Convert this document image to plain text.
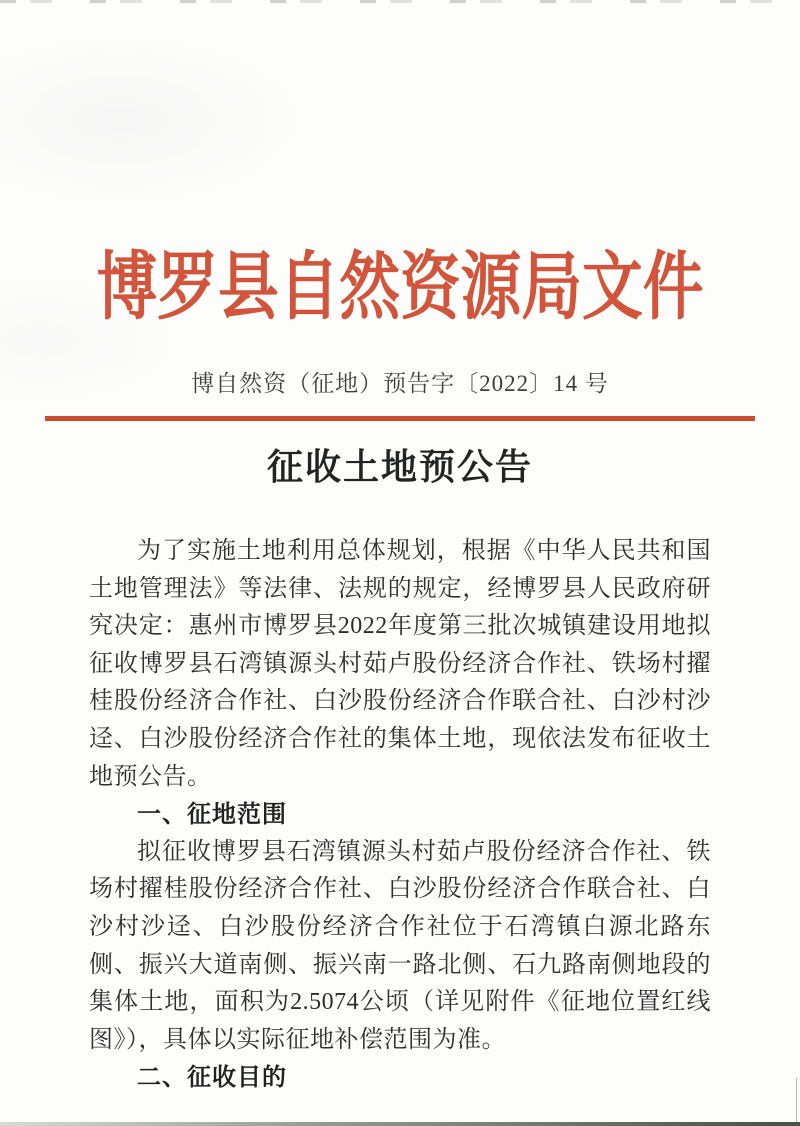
博罗县自然资源局文件
博自然资（征地）预告字〔2022〕14 号
征收土地预公告

为了实施土地利用总体规划，根据《中华人民共和国土地管理法》等法律、法规的规定，经博罗县人民政府研究决定：惠州市博罗县2022年度第三批次城镇建设用地拟征收博罗县石湾镇源头村茹卢股份经济合作社、铁场村擢桂股份经济合作社、白沙股份经济合作联合社、白沙村沙迳、白沙股份经济合作社的集体土地，现依法发布征收土地预公告。

一、征地范围

拟征收博罗县石湾镇源头村茹卢股份经济合作社、铁场村擢桂股份经济合作社、白沙股份经济合作联合社、白沙村沙迳、白沙股份经济合作社位于石湾镇白源北路东侧、振兴大道南侧、振兴南一路北侧、石九路南侧地段的集体土地，面积为2.5074公顷（详见附件《征地位置红线图》），具体以实际征地补偿范围为准。

二、征收目的
